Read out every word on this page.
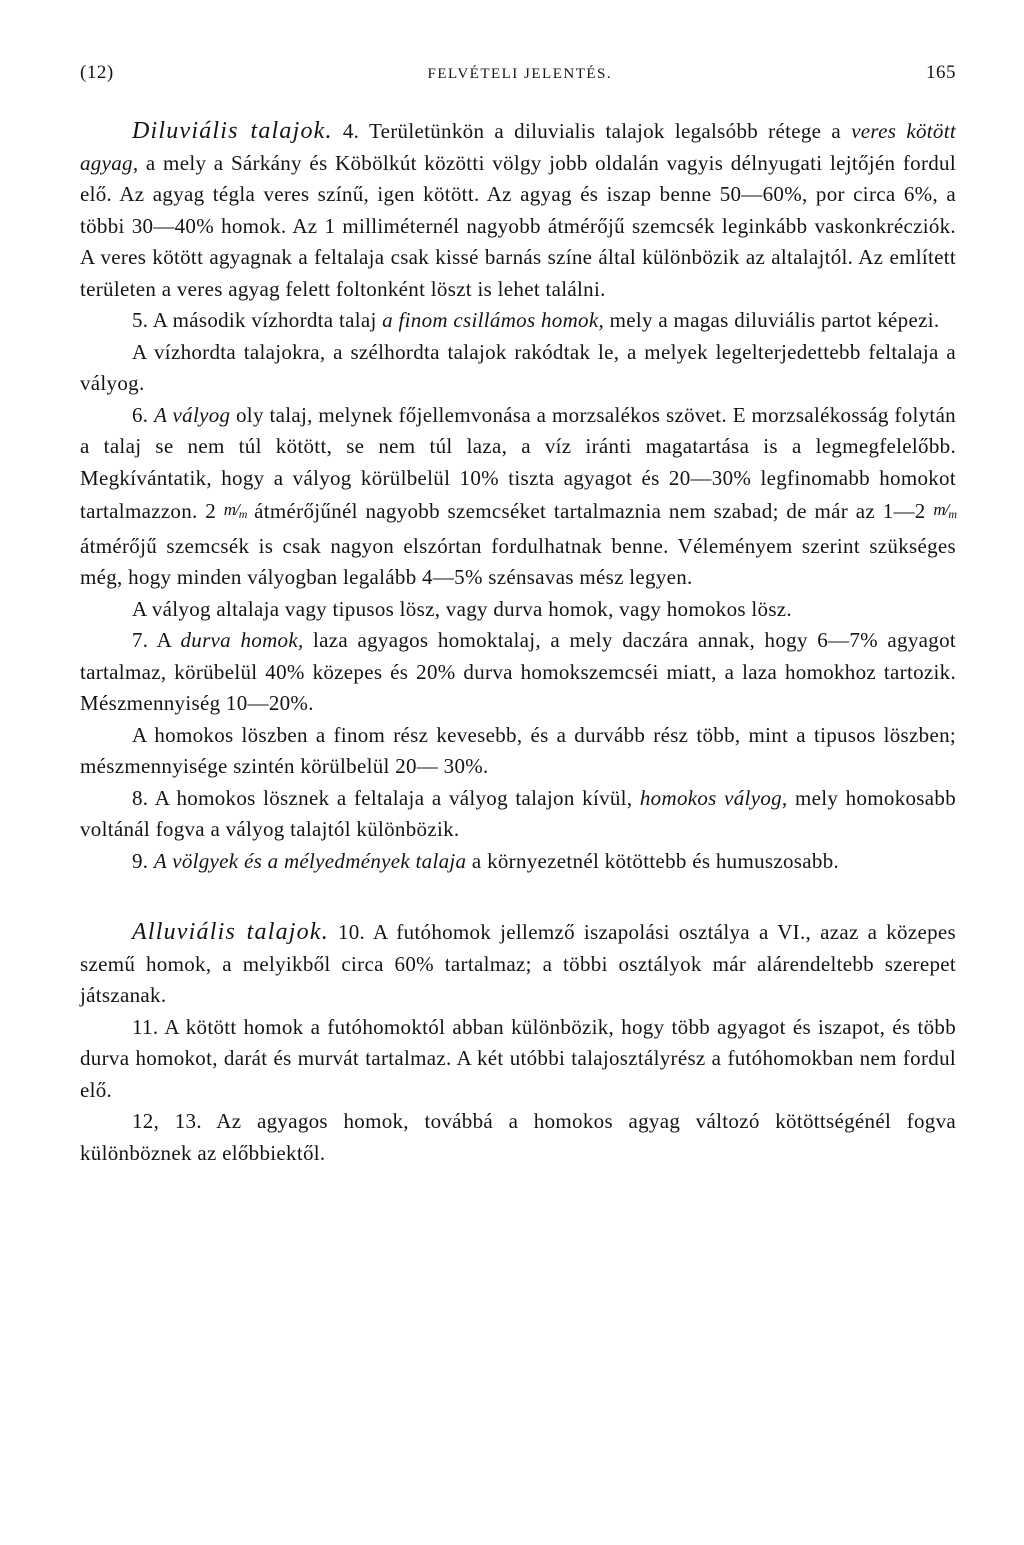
(12)	FELVÉTELI JELENTÉS.	165

Diluviális talajok. 4. Területünkön a diluvialis talajok legalsóbb rétege a veres kötött agyag, a mely a Sárkány és Köbölkút közötti völgy jobb oldalán vagyis délnyugati lejtőjén fordul elő. Az agyag tégla veres színű, igen kötött. Az agyag és iszap benne 50—60%, por circa 6%, a többi 30—40% homok. Az 1 milliméternél nagyobb átmérőjű szemcsék leginkább vaskonkrécziók. A veres kötött agyagnak a feltalaja csak kissé barnás színe által különbözik az altalajtól. Az említett területen a veres agyag felett foltonként löszt is lehet találni.

5. A második vízhordta talaj a finom csillámos homok, mely a magas diluviális partot képezi.

A vízhordta talajokra, a szélhordta talajok rakódtak le, a melyek legelterjedettebb feltalaja a vályog.

6. A vályog oly talaj, melynek főjellemvonása a morzsalékos szövet. E morzsalékosság folytán a talaj se nem túl kötött, se nem túl laza, a víz iránti magatartása is a legmegfelelőbb. Megkívántatik, hogy a vályog körülbelül 10% tiszta agyagot és 20—30% legfinomabb homokot tartalmazzon. 2 $m/_m$ átmérőjűnél nagyobb szemcséket tartalmaznia nem szabad; de már az 1—2 $m/_m$ átmérőjű szemcsék is csak nagyon elszórtan fordulhatnak benne. Véleményem szerint szükséges még, hogy minden vályogban legalább 4—5% szénsavas mész legyen.

A vályog altalaja vagy tipusos lösz, vagy durva homok, vagy homokos lösz.

7. A durva homok, laza agyagos homoktalaj, a mely daczára annak, hogy 6—7% agyagot tartalmaz, körübelül 40% közepes és 20% durva homokszemcséi miatt, a laza homokhoz tartozik. Mészmennyiség 10—20%.

A homokos löszben a finom rész kevesebb, és a durvább rész több, mint a tipusos löszben; mészmennyisége szintén körülbelül 20— 30%.

8. A homokos lösznek a feltalaja a vályog talajon kívül, homokos vályog, mely homokosabb voltánál fogva a vályog talajtól különbözik.

9. A völgyek és a mélyedmények talaja a környezetnél kötöttebb és humuszosabb.

Alluviális talajok. 10. A futóhomok jellemző iszapolási osztálya a VI., azaz a közepes szemű homok, a melyikből circa 60% tartalmaz; a többi osztályok már alárendeltebb szerepet játszanak.

11. A kötött homok a futóhomoktól abban különbözik, hogy több agyagot és iszapot, és több durva homokot, darát és murvát tartalmaz. A két utóbbi talajosztályrész a futóhomokban nem fordul elő.

12, 13. Az agyagos homok, továbbá a homokos agyag változó kötöttségénél fogva különböznek az előbbiektől.
